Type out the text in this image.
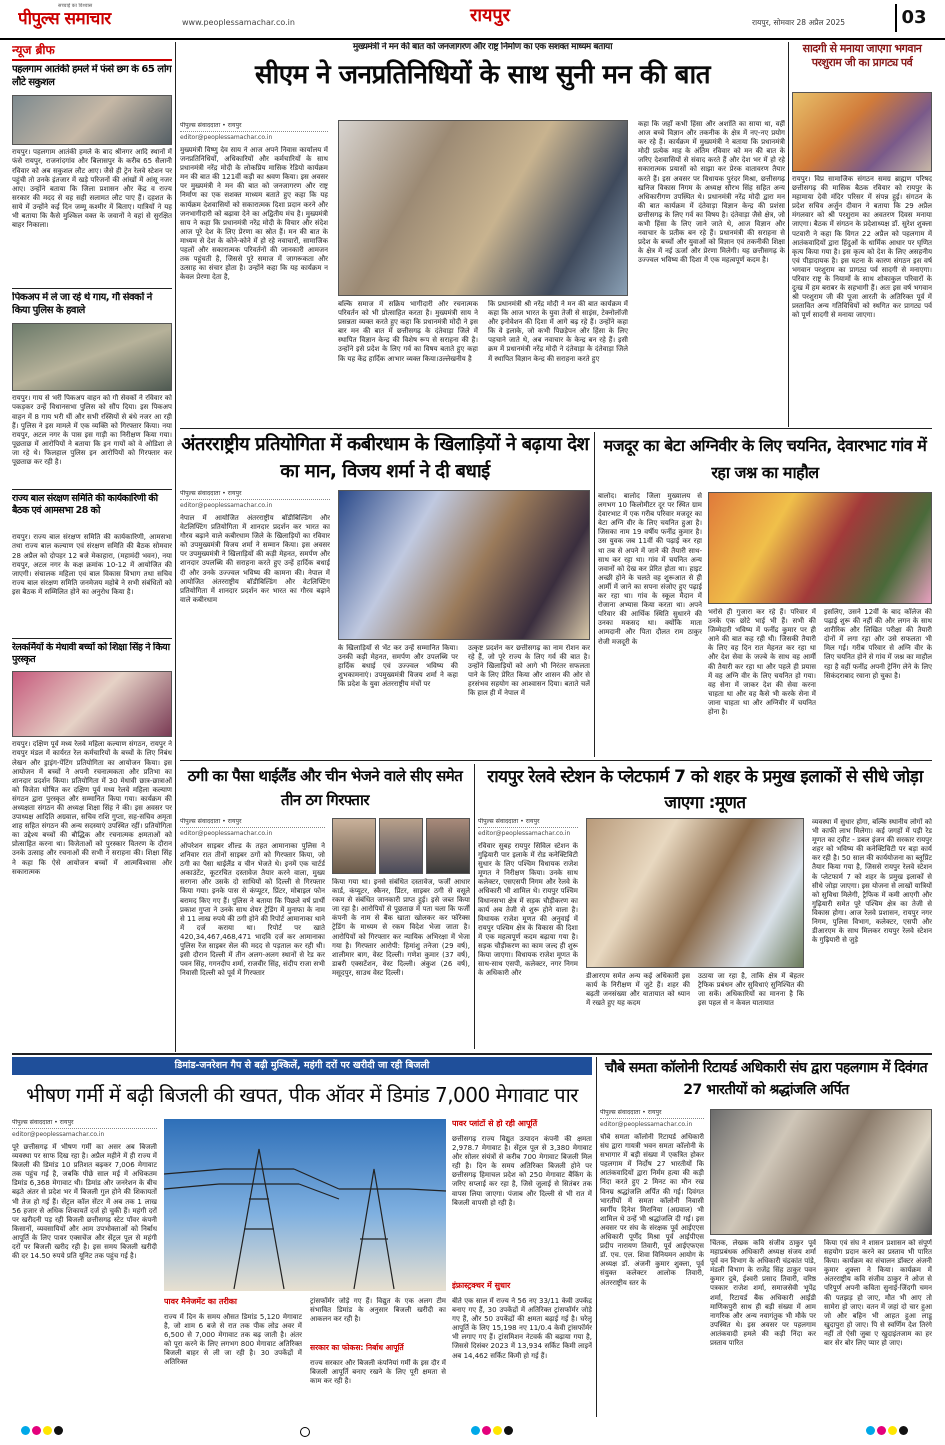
सच्चाई का विश्वास
पीपुल्स समाचार	www.peoplessamachar.co.in	रायपुर	रायपुर, सोमवार 28 अप्रैल 2025	03
न्यूज ब्रीफ
पहलगाम आतंकी हमले में फंसे छग के 65 लोग लौटे सकुशल
रायपुर। पहलगाम आतंकी हमले के बाद श्रीनगर आदि स्थानों में फंसे रायपुर, राजनांदगांव और बिलासपुर के करीब 65 सैलानी रविवार को अब सकुशल लौट आए। जैसे ही ट्रेन रेलवे स्टेशन पर पहुंची तो उनके इंतजार में खड़े परिजनों की आंखों में आंसू नजर आए। उन्होंने बताया कि जिला प्रशासन और केंद्र व राज्य सरकार की मदद से वह सही सलामत लौट पाए हैं। दहशत के साये में उन्होंने कई दिन जम्मू कश्मीर में बिताए। यात्रियों ने यह भी बताया कि कैसे मुश्किल वक्त के जवानों ने वहां से सुरक्षित बाहर निकाला।
पिकअप में ले जा रहे थे गाय, गौ सेवकों ने किया पुलिस के हवाले
रायपुर। गाय से भरी पिकअप वाहन को गौ सेवकों ने रविवार को पकड़कर उन्हें विधानसभा पुलिस को सौंप दिया। इस पिकअप वाहन में 8 गाय भरी थीं और सभी रस्सियों से बंधे नजर आ रही हैं। पुलिस ने इस मामले में एक व्यक्ति को गिरफ्तार किया। नया रायपुर, अटल नगर के पास इस गाड़ी का निरीक्षण किया गया। पूछताछ में आरोपियों ने बताया कि इन गायों को वे ओडिशा ले जा रहे थे। फिलहाल पुलिस इन आरोपियों को गिरफ्तार कर पूछताछ कर रही है।
राज्य बाल संरक्षण समिति की कार्यकारिणी की बैठक एवं आमसभा 28 को
रायपुर। राज्य बाल संरक्षण समिति की कार्यकारिणी, आमसभा तथा राज्य बाल कल्याण एवं संरक्षण समिति की बैठक सोमवार 28 अप्रैल को दोपहर 12 बजे मेकाहारा, (महामंदी भवन), नया रायपुर, अटल नगर के कक्ष क्रमांक 10-12 में आयोजित की जाएगी। संचालक महिला एवं बाल विकास विभाग तथा सचिव राज्य बाल संरक्षण समिति जनमेजय महोबे ने सभी संबंधितों को इस बैठक में सम्मिलित होने का अनुरोध किया है।
रेलकर्मियों के मेधावी बच्चों को शिक्षा सिंह ने किया पुरस्कृत
रायपुर। दक्षिण पूर्व मध्य रेलवे महिला कल्याण संगठन, रायपुर ने रायपुर मंडल में कार्यरत रेल कर्मचारियों के बच्चों के लिए निबंध लेखन और ड्राइंग-पेंटिंग प्रतियोगिता का आयोजन किया। इस आयोजन में बच्चों ने अपनी रचनात्मकता और प्रतिभा का शानदार प्रदर्शन किया। प्रतियोगिता में 30 मेधावी छात्र-छात्राओं को विजेता घोषित कर दक्षिण पूर्व मध्य रेलवे महिला कल्याण संगठन द्वारा पुरस्कृत और सम्मानित किया गया। कार्यक्रम की अध्यक्षता संगठन की अध्यक्ष शिक्षा सिंह ने की। इस अवसर पर उपाध्यक्ष आदिति अग्रवाल, सचिव राशि गुप्ता, सह-सचिव अमृता शाह सहित संगठन की अन्य सदस्याएं उपस्थित रहीं। प्रतियोगिता का उद्देश्य बच्चों की बौद्धिक और रचनात्मक क्षमताओं को प्रोत्साहित करना था। विजेताओं को पुरस्कार वितरण के दौरान उनके उत्साह और रचनाओं की सभी ने सराहना की। शिक्षा सिंह ने कहा कि ऐसे आयोजन बच्चों में आत्मविश्वास और सकारात्मक
मुख्यमंत्री ने मन की बात को जनजागरण और राष्ट्र निर्माण का एक सशक्त माध्यम बताया
सीएम ने जनप्रतिनिधियों के साथ सुनी मन की बात
पीपुल्स संवाददाता • रायपुर
editor@peoplessamachar.co.in
मुख्यमंत्री विष्णु देव साय ने आज अपने निवास कार्यालय में जनप्रतिनिधियों, अधिकारियों और कर्मचारियों के साथ प्रधानमंत्री नरेंद्र मोदी के लोकप्रिय मासिक रेडियो कार्यक्रम मन की बात की 121वीं कड़ी का श्रवण किया। इस अवसर पर मुख्यमंत्री ने मन की बात को जनजागरण और राष्ट्र निर्माण का एक सशक्त माध्यम बताते हुए कहा कि यह कार्यक्रम देशवासियों को सकारात्मक दिशा प्रदान करने और जनभागीदारी को बढ़ावा देने का अद्वितीय मंच है। मुख्यमंत्री साय ने कहा कि प्रधानमंत्री नरेंद्र मोदी के विचार और संदेश आज पूरे देश के लिए प्रेरणा का स्रोत हैं। मन की बात के माध्यम से देश के कोने-कोने में हो रहे नवाचारों, सामाजिक पहलों और सकारात्मक परिवर्तनों की जानकारी आमजन तक पहुंचती है, जिससे पूरे समाज में जागरूकता और उत्साह का संचार होता है। उन्होंने कहा कि यह कार्यक्रम न केवल प्रेरणा देता है,
बल्कि समाज में सक्रिय भागीदारी और रचनात्मक परिवर्तन को भी प्रोत्साहित करता है। मुख्यमंत्री साय ने प्रसन्नता व्यक्त करते हुए कहा कि प्रधानमंत्री मोदी ने इस बार मन की बात में छत्तीसगढ़ के दंतेवाड़ा जिले में स्थापित विज्ञान केन्द्र की विशेष रूप से सराहना की है। उन्होंने इसे प्रदेश के लिए गर्व का विषय बताते हुए कहा कि यह केंद्र हार्दिक आभार व्यक्त किया।उल्लेखनीय है
कि प्रधानमंत्री श्री नरेंद्र मोदी ने मन की बात कार्यक्रम में कहा कि आज भारत के युवा तेजी से साइंस, टेक्नोलॉजी और इनोवेशन की दिशा में आगे बढ़ रहे हैं। उन्होंने कहा कि वे इलाके, जो कभी पिछड़ेपन और हिंसा के लिए पहचाने जाते थे, अब नवाचार के केन्द्र बन रहे हैं। इसी क्रम में प्रधानमंत्री नरेंद्र मोदी ने दंतेवाड़ा के दंतेवाड़ा जिले में स्थापित विज्ञान केन्द्र की सराहना करते हुए
कहा कि जहाँ कभी हिंसा और अशांति का साया था, वहीं आज बच्चे विज्ञान और तकनीक के क्षेत्र में नए-नए प्रयोग कर रहे हैं। कार्यक्रम में मुख्यमंत्री ने बताया कि प्रधानमंत्री मोदी प्रत्येक माह के अंतिम रविवार को मन की बात के जरिए देशवासियों से संवाद करते हैं और देश भर में हो रहे सकारात्मक प्रयासों को साझा कर प्रेरक वातावरण तैयार करते हैं। इस अवसर पर विधायक पुरंदर मिश्रा, छत्तीसगढ़ खनिज विकास निगम के अध्यक्ष सौरभ सिंह सहित अन्य अधिकारीगण उपस्थित थे। प्रधानमंत्री नरेंद्र मोदी द्वारा मन की बात कार्यक्रम में दंतेवाड़ा विज्ञान केन्द्र की प्रशंसा छत्तीसगढ़ के लिए गर्व का विषय है। दंतेवाड़ा जैसे क्षेत्र, जो कभी हिंसा के लिए जाने जाते थे, आज विज्ञान और नवाचार के प्रतीक बन रहे हैं। प्रधानमंत्री की सराहना से प्रदेश के बच्चों और युवाओं को विज्ञान एवं तकनीकी शिक्षा के क्षेत्र में नई ऊर्जा और प्रेरणा मिलेगी। यह छत्तीसगढ़ के उज्ज्वल भविष्य की दिशा में एक महत्वपूर्ण कदम है।
सादगी से मनाया जाएगा भगवान परशुराम जी का प्रागट्य पर्व
रायपुर। विप्र सामाजिक संगठन समग्र ब्राह्मण परिषद छत्तीसगढ़ की मासिक बैठक रविवार को रायपुर के महामाया देवी मंदिर परिसर में संपन्न हुई। संगठन के प्रदेश सचिव अर्जुन दीवान ने बताया कि 29 अप्रैल मंगलवार को श्री परशुराम का अवतरण दिवस मनाया जाएगा। बैठक में संगठन के प्रदेशाध्यक्ष डॉ. सुरेश शुक्ला पटवारी ने कहा कि विगत 22 अप्रैल को पहलगाम में आतंकवादियों द्वारा हिंदुओं के धार्मिक आधार पर घृणित कृत्य किया गया है। इस कृत्य को देश के लिए असहनीय एवं पीड़ादायक है। इस घटना के कारण संगठन इस वर्ष भगवान परशुराम का प्रागट्य पर्व सादगी से मनाएगा। परिवार राष्ट्र के नियामों के साथ शोकाकुल परिवारों के दुःख में हम बराबर के सहभागी हैं। अतः इस वर्ष भगवान श्री परशुराम जी की पूजा आरती के अतिरिक्त पूर्व में प्रस्तावित अन्य गतिविधियों को स्थगित कर प्रागट्य पर्व को पूर्ण सादगी से मनाया जाएगा।
अंतरराष्ट्रीय प्रतियोगिता में कबीरधाम के खिलाड़ियों ने बढ़ाया देश का मान, विजय शर्मा ने दी बधाई
पीपुल्स संवाददाता • रायपुर
editor@peoplessamachar.co.in
नेपाल में आयोजित अंतरराष्ट्रीय बॉडीबिल्डिंग और वेटलिफ्टिंग प्रतियोगिता में शानदार प्रदर्शन कर भारत का गौरव बढ़ाने वाले कबीरधाम जिले के खिलाड़ियों का रविवार को उपमुख्यमंत्री विजय शर्मा ने सम्मान किया। इस अवसर पर उपमुख्यमंत्री ने खिलाड़ियों की कड़ी मेहनत, समर्पण और शानदार उपलब्धि की सराहना करते हुए उन्हें हार्दिक बधाई दी और उनके उज्ज्वल भविष्य की कामना की। नेपाल में आयोजित अंतरराष्ट्रीय बॉडीबिल्डिंग और वेटलिफ्टिंग प्रतियोगिता में शानदार प्रदर्शन कर भारत का गौरव बढ़ाने वाले कबीरधाम
के खिलाड़ियों से भेंट कर उन्हें सम्मानित किया। उनकी कड़ी मेहनत, समर्पण और उपलब्धि पर हार्दिक बधाई एवं उज्ज्वल भविष्य की शुभकामनाएं। उपमुख्यमंत्री विजय शर्मा ने कहा कि प्रदेश के युवा अंतरराष्ट्रीय मंचों पर
उत्कृष्ट प्रदर्शन कर छत्तीसगढ़ का नाम रोशन कर रहे हैं, जो पूरे राज्य के लिए गर्व की बात है। उन्होंने खिलाड़ियों को आगे भी निरंतर सफलता पाने के लिए प्रेरित किया और शासन की ओर से हरसंभव सहयोग का आश्वासन दिया। बताते चलें कि हाल ही में नेपाल में
मजदूर का बेटा अग्निवीर के लिए चयनित, देवारभाट गांव में रहा जश्न का माहौल
बालोद। बालोद जिला मुख्यालय से लगभग 10 किलोमीटर दूर पर स्थित ग्राम देवारभाट में एक गरीब परिवार मजदूर का बेटा अग्नि वीर के लिए चयनित हुआ है। जिसका नाम 19 वर्षीय फनींद्र कुमार है। उस युवक जब 11वीं की पढ़ाई कर रहा था तब से अपने में जाने की तैयारी साथ-साथ कर रहा था। गांव में चयनित अन्य जवानों को देख कर प्रेरित होता था। हाइट अच्छी होने के चलते वह शुरूआत से ही आर्मी में जाने का सपना संजोए हुए पढ़ाई कर रहा था। गांव के स्कूल मैदान में रोजाना अभ्यास किया करता था। अपने परिवार की आर्थिक स्थिति सुधारने की उनका मकसद था। क्योंकि माता आमदानी और पिता दौलत राम ठाकुर रोजी मजदूरी के
भरोसे ही गुजारा कर रहे हैं। परिवार में उनके एक छोटे भाई भी हैं। सभी की जिम्मेदारी भविष्य में फनींद्र कुमार पर ही आने की बात कह रही थी। जिसकी तैयारी के लिए वह दिन रात मेहनत कर रहा था और देश सेवा के जज्बे के साथ वह आर्मी की तैयारी कर रहा था और पहले ही प्रयास में वह अग्नि वीर के लिए चयनित हो गया। वह सेना में जाकर देश की सेवा करना चाहता था और वह कैसे भी करके सेना में जाना चाहता था और अग्निवीर में चयनित होना है।
इसलिए, उसने 12वीं के बाद कॉलेज की पढ़ाई शुरू की नहीं की और लगन के साथ शारीरिक और लिखित परीक्षा की तैयारी दोनों में लगा रहा और उसे सफलता भी मिल गई। गरीब परिवार से अग्नि वीर के लिए चयनित होने से गांव में जश्न का माहौल रहा है वहीं फनींद्र अपनी ट्रेनिंग लेने के लिए सिकंदराबाद रवाना हो चुका है।
ठगी का पैसा थाईलैंड और चीन भेजने वाले सीए समेत तीन ठग गिरफ्तार
पीपुल्स संवाददाता • रायपुर
editor@peoplessamachar.co.in
ऑपरेशन साइबर शील्ड के तहत आमानाका पुलिस ने शनिवार रात तीनों साइबर ठगों को गिरफ्तार किया, जो ठगी का पैसा थाईलैंड व चीन भेजते थे। इनमें एक चार्टर्ड अकाउंटेंट, कूटरचित दस्तावेज तैयार करने वाला, मुख्य सरगना और उसके दो साथियों को दिल्ली से गिरफ्तार किया गया। इनके पास से कंप्यूटर, प्रिंटर, मोबाइल फोन बरामद किए गए हैं। पुलिस ने बताया कि पिछले वर्ष प्रार्थी प्रकाश गुप्ता ने उनके साथ शेयर ट्रेडिंग में मुनाफा के नाम से 11 लाख रुपये की ठगी होने की रिपोर्ट आमानाका थाने में दर्ज कराया था। रिपोर्ट पर खाते 420,34,467,468,471 भादवि दर्ज कर आमानाका पुलिस रेंज साइबर सेल की मदद से पड़ताल कर रही थी। इसी दौरान दिल्ली में तीन अलग-अलग स्थानों से रेड कर पवन सिंह, गगनदीप शर्मा, राजवीर सिंह, संदीप राजा सभी निवासी दिल्ली को पूर्व में गिरफ्तार
किया गया था। इनसे संबंधित दस्तावेज, फर्जी आधार कार्ड, कंप्यूटर, स्कैनर, प्रिंटर, साइबर ठगी से वसूले रकम से संबंधित जानकारी प्राप्त हुई। इसे जब्त किया जा रहा है। आरोपियों से पूछताछ में पता चला कि फर्जी कंपनी के नाम से बैंक खाता खोलकर कर फॉरेक्स ट्रेडिंग के माध्यम से रकम विदेश भेजा जाता है। आरोपियों को गिरफ्तार कर न्यायिक अभिरक्षा में भेजा गया है। गिरफ्तार आरोपी: हिमांशु तनेजा (29 वर्ष), शालीमार बाग, वेस्ट दिल्ली। गणेश कुमार (37 वर्ष), डाबरी एक्सटेंशन, वेस्ट दिल्ली। अंकुश (26 वर्ष), मसूदपुर, साउथ वेस्ट दिल्ली।
रायपुर रेलवे स्टेशन के प्लेटफार्म 7 को शहर के प्रमुख इलाकों से सीधे जोड़ा जाएगा :मूणत
पीपुल्स संवाददाता • रायपुर
editor@peoplessamachar.co.in
रविवार सुबह रायपुर सिविल स्टेशन के गुढ़ियारी पार इलाके में रोड कनेक्टिविटी सुधार के लिए पश्चिम विधायक राजेश मूणत ने निरीक्षण किया। उनके साथ कलेक्टर, एसएसपी निगम और रेलवे के अधिकारी भी शामिल थे। रायपुर पश्चिम विधानसभा क्षेत्र में सड़क चौड़ीकरण का कार्य अब तेजी से शुरू होने वाला है। विधायक राजेश मूणत की अनुवाई में रायपुर पश्चिम क्षेत्र के विकास की दिशा में एक महत्वपूर्ण कदम बढ़ाया गया है। सड़क चौड़ीकरण का काम जल्द ही शुरू किया जाएगा। विधायक राजेश मूणत के साथ-साथ एसपी, कलेक्टर, नगर निगम के अधिकारी और	डीआरएम समेत अन्य कई अधिकारी इस कार्य के निरीक्षण में जुटे हैं। शहर की बढ़ती जनसंख्या और यातायात को ध्यान में रखते हुए यह कदम
उठाया जा रहा है, ताकि क्षेत्र में बेहतर ट्रैफिक प्रबंधन और सुविधाएं सुनिश्चित की जा सकें। अधिकारियों का मानना है कि इस पहल से न केवल यातायात
व्यवस्था में सुधार होगा, बल्कि स्थानीय लोगों को भी काफी लाभ मिलेगा। कई जगहों में पड़ी रेड मूणत का ट्वीट - डबल इंजन की सरकार रायपुर शहर को भविष्य की कनेक्टिविटी पर बड़ा कार्य कर रही है। 50 साल की कार्ययोजना का ब्लूप्रिंट तैयार किया गया है, जिससे रायपुर रेलवे स्टेशन के प्लेटफार्म 7 को शहर के प्रमुख इलाकों से सीधे जोड़ा जाएगा। इस योजना से लाखों यात्रियों को सुविधा मिलेगी, ट्रैफिक में कमी आएगी और गुढ़ियारी समेत पूरे पश्चिम क्षेत्र का तेजी से विकास होगा। आज रेलवे प्रशासन, रायपुर नगर निगम, पुलिस विभाग, कलेक्टर, एसपी और डीआरएम के साथ मिलकर रायपुर रेलवे स्टेशन के गुढ़ियारी से जुड़े
डिमांड-जनरेशन गैप से बढ़ी मुश्किलें, महंगी दरों पर खरीदी जा रही बिजली
भीषण गर्मी में बढ़ी बिजली की खपत, पीक ऑवर में डिमांड 7,000 मेगावाट पार
पीपुल्स संवाददाता • रायपुर
editor@peoplessamachar.co.in
पूरे छत्तीसगढ़ में भीषण गर्मी का असर अब बिजली व्यवस्था पर साफ दिख रहा है। अप्रैल महीने में ही राज्य में बिजली की डिमांड 10 प्रतिशत बढ़कर 7,006 मेगावाट तक पहुंच गई है, जबकि पीछे साल मई में अधिकतम डिमांड 6,368 मेगावाट थी। डिमांड और जनरेशन के बीच बढ़ते अंतर से प्रदेश भर में बिजली गुल होने की शिकायतों भी तेज हो गई हैं। सेंट्रल कॉल सेंटर में अब तक 1 लाख 56 हजार से अधिक शिकायतें दर्ज हो चुकी हैं। महंगी दरों पर खरीदनी पड़ रही बिजली छत्तीसगढ़ स्टेट पॉवर कंपनी किसानों, व्यवसायियों और आम उपभोक्ताओं को निर्बाध आपूर्ति के लिए पावर एक्सचेंज और सेंट्रल पूल से महंगी दरों पर बिजली खरीद रही है। इस समय बिजली खरीदी की दर 14.50 रुपये प्रति यूनिट तक पहुंच गई है।
पावर मैनेजमेंट का तरीका
राज्य में दिन के समय औसत डिमांड 5,120 मेगावाट है, जो शाम 6 बजे से रात तक पीक लोड अवर में 6,500 से 7,000 मेगावाट तक बढ़ जाती है। अंतर को पूरा करने के लिए लगभग 800 मेगावाट अतिरिक्त बिजली बाहर से ली जा रही है। 30 उपकेंद्रों में अतिरिक्त
ट्रांसफॉर्मर जोड़े गए हैं। विद्युत के एक अलग टीम संभावित डिमांड के अनुसार बिजली खरीदी का आकलन कर रही है।
सरकार का फोकस: निर्बाध आपूर्ति
राज्य सरकार और बिजली कंपनियां गर्मी के इस दौर में बिजली आपूर्ति बनाए रखने के लिए पूरी क्षमता से काम कर रही है।
पावर प्लांटों से हो रही आपूर्ति
छत्तीसगढ़ राज्य विद्युत उत्पादन कंपनी की क्षमता 2,978.7 मेगावाट है। सेंट्रल पूल से 3,380 मेगावाट और सोलर संयंत्रों से करीब 700 मेगावाट बिजली मिल रही है। दिन के समय अतिरिक्त बिजली होने पर छत्तीसगढ़ हिमाचल प्रदेश को 250 मेगावाट बैंकिंग के जरिए सप्लाई कर रहा है, जिसे जुलाई से सितंबर तक वापस लिया जाएगा। पंजाब और दिल्ली से भी रात में बिजली वापसी हो रही है।
इंफ्रास्ट्रक्चर में सुधार
बीते एक साल में राज्य ने 56 नए 33/11 केवी उपकेंद्र बनाए गए हैं, 30 उपकेंद्रों में अतिरिक्त ट्रांसफॉर्मर जोड़े गए हैं, और 50 उपकेंद्रों की क्षमता बढ़ाई गई है। घरेलू आपूर्ति के लिए 15,198 नए 11/0.4 केवी ट्रांसफॉर्मर भी लगाए गए हैं। ट्रांसमिशन नेटवर्क की बढ़ाया गया है, जिससे दिसंबर 2023 में 13,934 सर्किट किमी लाइनें अब 14,462 सर्किट किमी हो गई हैं।
चौबे समता कॉलोनी रिटायर्ड अधिकारी संघ द्वारा पहलगाम में दिवंगत 27 भारतीयों को श्रद्धांजलि अर्पित
पीपुल्स संवाददाता • रायपुर
editor@peoplessamachar.co.in
चौबे समता कॉलोनी रिटायर्ड अधिकारी संघ द्वारा गायत्री भवन समता कॉलोनी के सभागार में बड़ी संख्या में एकत्रित होकर पहलगाम में निर्दोष 27 भारतीयों कि आतंकवादियों द्वारा निर्मम हत्या की कड़ी निंदा करते हुए 2 मिनट का मौन रख विनम्र श्रद्धांजलि अर्पित की गई। दिवंगत भारतीयों में समता कॉलोनी निवासी स्वर्गीय दिनेश मिरानिया (अग्रवाल) भी शामिल थे उन्हें भी श्रद्धांजलि दी गई। इस अवसर पर संघ के संरक्षक पूर्व आईएएस अधिकारी पूर्णेंद मिश्रा पूर्व आईपीएस प्रदीप नारायण तिवारी, पूर्व आईएफएस डॉ. एच. एल. शिवा विनियमन आयोग के अध्यक्ष डॉ. अंजनी कुमार शुक्ला, पूर्व संयुक्त कलेक्टर आलोक तिवारी, अंतरराष्ट्रीय स्तर के
चिंतक, लेखक कवि संजीव ठाकुर पूर्व महाप्रबंधक अधिकारी अध्यक्ष संजय शर्मा पूर्व वन विभाग के अधिकारी चंद्रकांत पांडे, मंडली विभाग के राजेंद्र सिंह ठाकुर पवन कुमार दुबे, ईश्वरी प्रसाद तिवारी, वरिष्ठ पत्रकार राजेश शर्मा, समाजसेवी भूपेंद्र शर्मा, रिटायर्ड बैंक अधिकारी आईडी माणिकपुरी साथ ही बड़ी संख्या में आम नागरिक और अन्य नवागंतुक भी मौके पर उपस्थित थे। इस अवसर पर पहलगाम आतंकवादी हमले की कड़ी निंदा कर प्रस्ताव पारित
किया एवं संघ ने शासन प्रशासन को संपूर्ण सहयोग प्रदान करने का प्रस्ताव भी पारित किया। कार्यक्रम का संचालन डॉक्टर अंजनी कुमार शुक्ला ने किया। कार्यक्रम में अंतरराष्ट्रीय कवि संजीव ठाकुर ने ओज से परिपूर्ण अपनी कविता सुनाई-जिंदगी चमन की पतझड़ हो जाए, मौत भी आए तो सामेरा हो जाए। वतन में जहां दो चार हुआ जो और बहिन भी आहत हुआ लाडू खुदापुरा हो जाए। पि से स्वर्णिम देश तिरंगे नहीं तो ऐसी जुबा ए खुदाइंतजाम का हर बार सेर बोर लिए प्यार हो जाए।
